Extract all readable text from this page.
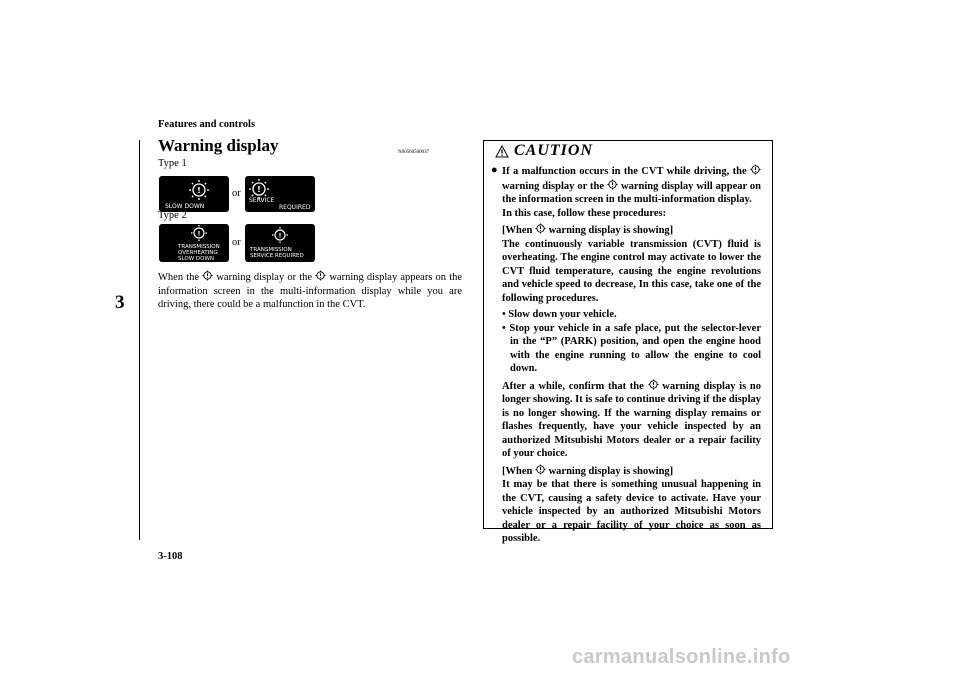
Features and controls
3
Warning display	N00560500037
Type 1
!
SLOW DOWN
or !
SERVICE
REQUIRED
Type 2
!
TRANSMISSION
OVERHEATING
SLOW DOWN
or
!
TRANSMISSION
SERVICE REQUIRED
When the warning display or the warning display appears on the information screen in the multi-information display while you are driving, there could be a malfunction in the CVT.
CAUTION
● If a malfunction occurs in the CVT while driving, the  warning display or the warning display will appear on the information screen in the multi-information display.
In this case, follow these procedures:

[When warning display is showing]
The continuously variable transmission (CVT) fluid is overheating. The engine control may activate to lower the CVT fluid temperature, causing the engine revolutions and vehicle speed to decrease, In this case, take one of the following procedures.

• Slow down your vehicle.
• Stop your vehicle in a safe place, put the selector-lever in the “P” (PARK) position, and open the engine hood with the engine running to allow the engine to cool down.

After a while, confirm that the warning display is no longer showing. It is safe to continue driving if the display is no longer showing. If the warning display remains or flashes frequently, have your vehicle inspected by an authorized Mitsubishi Motors dealer or a repair facility of your choice.

[When warning display is showing]
It may be that there is something unusual happening in the CVT, causing a safety device to activate. Have your vehicle inspected by an authorized Mitsubishi Motors dealer or a repair facility of your choice as soon as possible.

3-108
carmanualsonline.info
